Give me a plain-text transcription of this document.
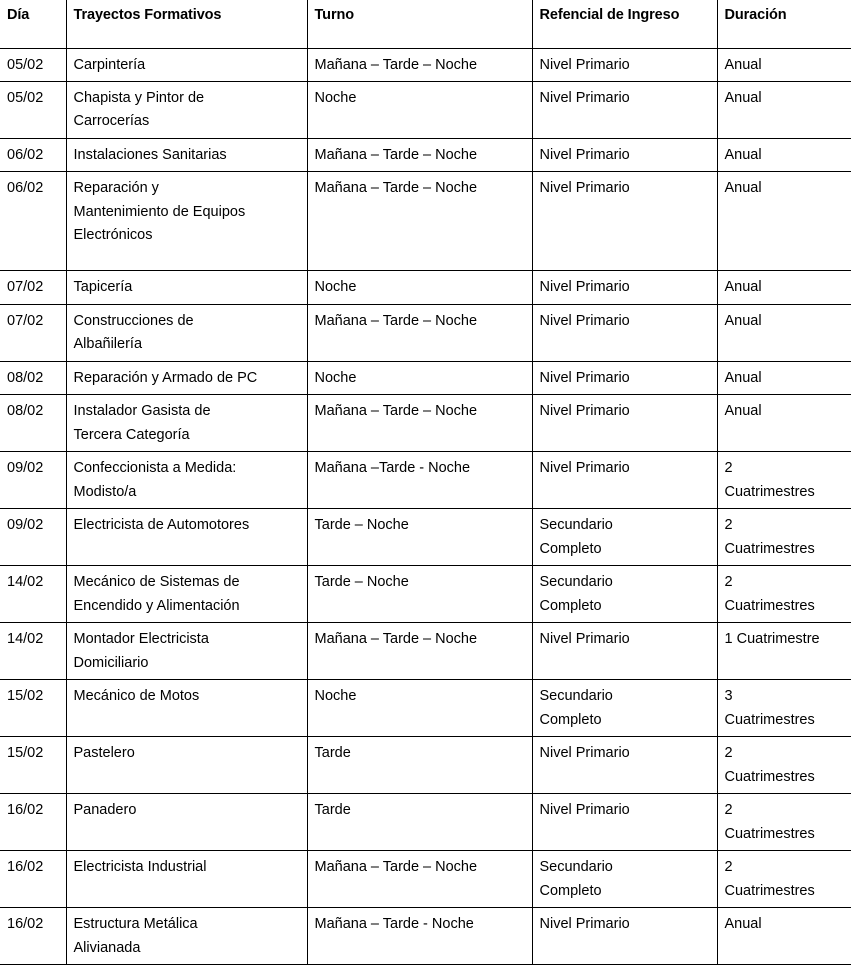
Día	Trayectos Formativos	Turno	Refencial de Ingreso	Duración

05/02	Carpintería	Mañana – Tarde – Noche	Nivel Primario	Anual

05/02	Chapista y Pintor de
Carrocerías	Noche	Nivel Primario	Anual

06/02	Instalaciones Sanitarias	Mañana – Tarde – Noche	Nivel Primario	Anual

06/02	Reparación y
Mantenimiento de Equipos
Electrónicos	Mañana – Tarde – Noche	Nivel Primario	Anual

07/02	Tapicería	Noche	Nivel Primario	Anual

07/02	Construcciones de
Albañilería	Mañana – Tarde – Noche	Nivel Primario	Anual

08/02	Reparación y Armado de PC	Noche	Nivel Primario	Anual

08/02	Instalador Gasista de
Tercera Categoría	Mañana – Tarde – Noche	Nivel Primario	Anual

09/02	Confeccionista a Medida:
Modisto/a	Mañana –Tarde - Noche	Nivel Primario	2
Cuatrimestres

09/02	Electricista de Automotores	Tarde – Noche	Secundario
Completo	2
Cuatrimestres

14/02	Mecánico de Sistemas de
Encendido y Alimentación	Tarde – Noche	Secundario
Completo	2
Cuatrimestres

14/02	Montador Electricista
Domiciliario	Mañana – Tarde – Noche	Nivel Primario	1 Cuatrimestre

15/02	Mecánico de Motos	Noche	Secundario
Completo	3
Cuatrimestres

15/02	Pastelero	Tarde	Nivel Primario	2
Cuatrimestres

16/02	Panadero	Tarde	Nivel Primario	2
Cuatrimestres

16/02	Electricista Industrial	Mañana – Tarde – Noche	Secundario
Completo	2
Cuatrimestres

16/02	Estructura Metálica
Alivianada	Mañana – Tarde - Noche	Nivel Primario	Anual
